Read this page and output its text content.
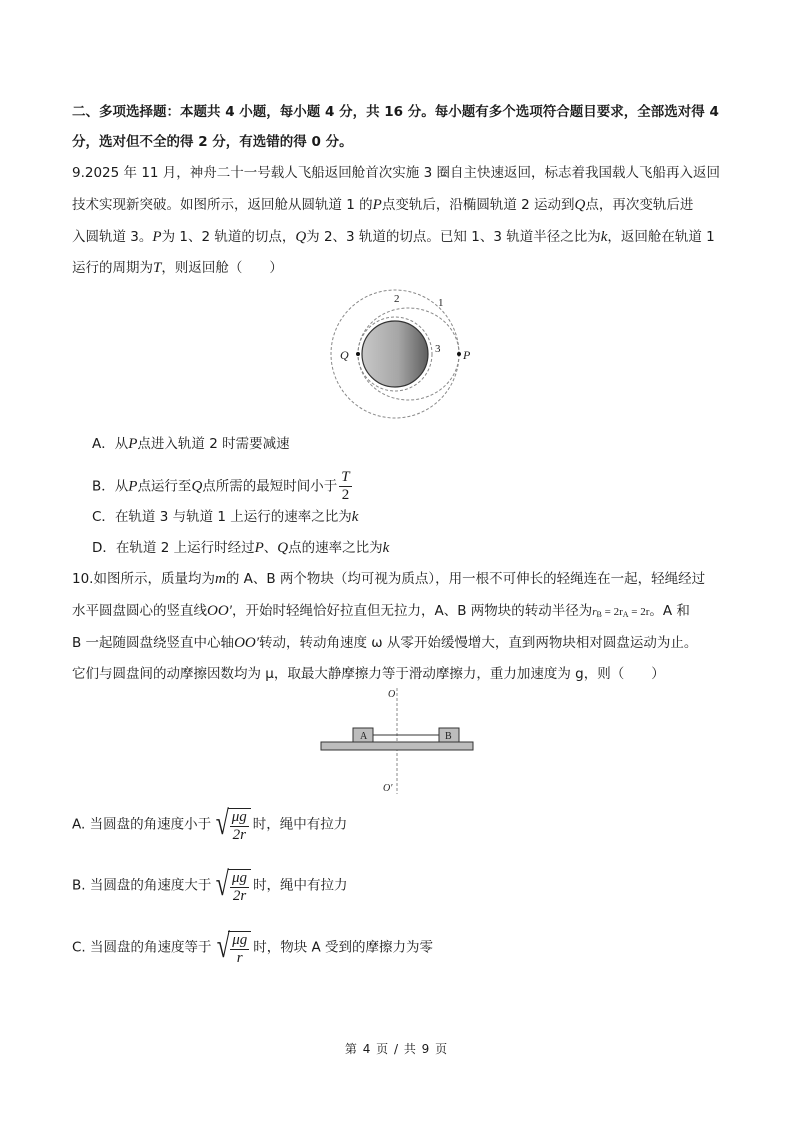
二、多项选择题：本题共 4 小题，每小题 4 分，共 16 分。每小题有多个选项符合题目要求，全部选对得 4
分，选对但不全的得 2 分，有选错的得 0 分。
9.2025 年 11 月，神舟二十一号载人飞船返回舱首次实施 3 圈自主快速返回，标志着我国载人飞船再入返回
技术实现新突破。如图所示，返回舱从圆轨道 1 的P点变轨后，沿椭圆轨道 2 运动到Q点，再次变轨后进
入圆轨道 3。P为 1、2 轨道的切点，Q为 2、3 轨道的切点。已知 1、3 轨道半径之比为k，返回舱在轨道 1
运行的周期为T，则返回舱（　　）
Q	P
1
2
3
A．从P点进入轨道 2 时需要减速
B．从P点运行至Q点所需的最短时间小于 $\frac{T}{2}$
C．在轨道 3 与轨道 1 上运行的速率之比为k
D．在轨道 2 上运行时经过P、Q点的速率之比为k
10.如图所示，质量均为m的 A、B 两个物块（均可视为质点），用一根不可伸长的轻绳连在一起，轻绳经过
水平圆盘圆心的竖直线OO′，开始时轻绳恰好拉直但无拉力，A、B 两物块的转动半径为$r_B = 2r_A = 2r$。A 和
B 一起随圆盘绕竖直中心轴OO′转动，转动角速度 ω 从零开始缓慢增大，直到两物块相对圆盘运动为止。
它们与圆盘间的动摩擦因数均为 μ，取最大静摩擦力等于滑动摩擦力，重力加速度为 g，则（　　）
A	B
O
O′
A. 当圆盘的角速度小于 √ $\frac{\mu g}{2r}$ 时，绳中有拉力
B. 当圆盘的角速度大于 √ $\frac{\mu g}{2r}$ 时，绳中有拉力
C. 当圆盘的角速度等于 √ $\frac{\mu g}{r}$ 时，物块 A 受到的摩擦力为零
第 4 页 / 共 9 页
